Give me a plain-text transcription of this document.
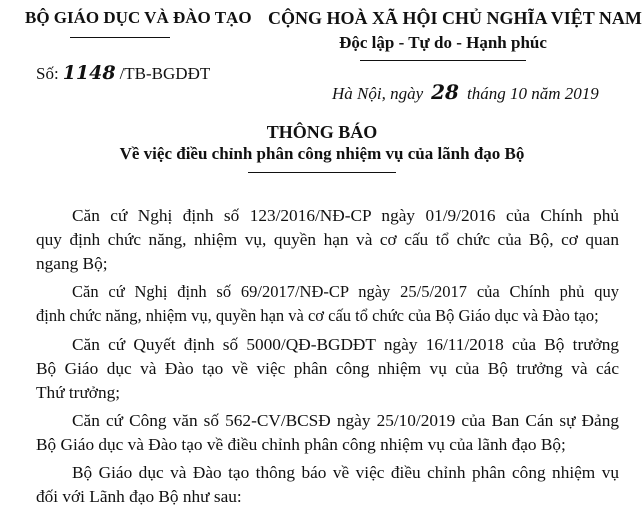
BỘ GIÁO DỤC VÀ ĐÀO TẠO
Số: 1148 /TB-BGDĐT
CỘNG HOÀ XÃ HỘI CHỦ NGHĨA VIỆT NAM
Độc lập - Tự do - Hạnh phúc
Hà Nội, ngày 28 tháng 10 năm 2019
THÔNG BÁO
Về việc điều chỉnh phân công nhiệm vụ của lãnh đạo Bộ
Căn cứ Nghị định số 123/2016/NĐ-CP ngày 01/9/2016 của Chính phủ
quy định chức năng, nhiệm vụ, quyền hạn và cơ cấu tổ chức của Bộ, cơ quan
ngang Bộ;
Căn cứ Nghị định số 69/2017/NĐ-CP ngày 25/5/2017 của Chính phủ quy
định chức năng, nhiệm vụ, quyền hạn và cơ cấu tổ chức của Bộ Giáo dục và Đào tạo;
Căn cứ Quyết định số 5000/QĐ-BGDĐT ngày 16/11/2018 của Bộ trưởng
Bộ Giáo dục và Đào tạo về việc phân công nhiệm vụ của Bộ trưởng và các
Thứ trưởng;
Căn cứ Công văn số 562-CV/BCSĐ ngày 25/10/2019 của Ban Cán sự Đảng
Bộ Giáo dục và Đào tạo về điều chỉnh phân công nhiệm vụ của lãnh đạo Bộ;
Bộ Giáo dục và Đào tạo thông báo về việc điều chỉnh phân công nhiệm vụ
đối với Lãnh đạo Bộ như sau:
